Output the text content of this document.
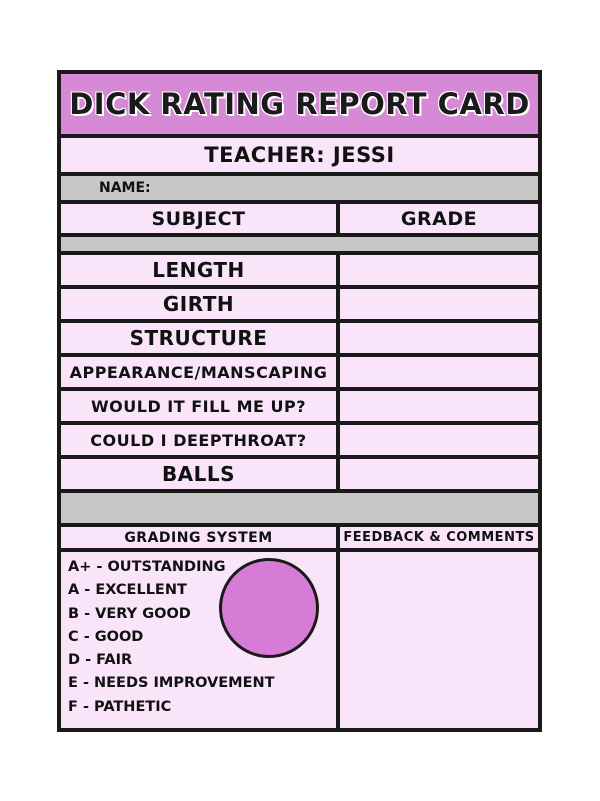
DICK RATING REPORT CARD
TEACHER: JESSI
NAME:
SUBJECT	GRADE
LENGTH
GIRTH
STRUCTURE
APPEARANCE/MANSCAPING
WOULD IT FILL ME UP?
COULD I DEEPTHROAT?
BALLS
GRADING SYSTEM	FEEDBACK & COMMENTS
A+ - OUTSTANDING
A - EXCELLENT
B - VERY GOOD
C - GOOD
D - FAIR
E - NEEDS IMPROVEMENT
F - PATHETIC
